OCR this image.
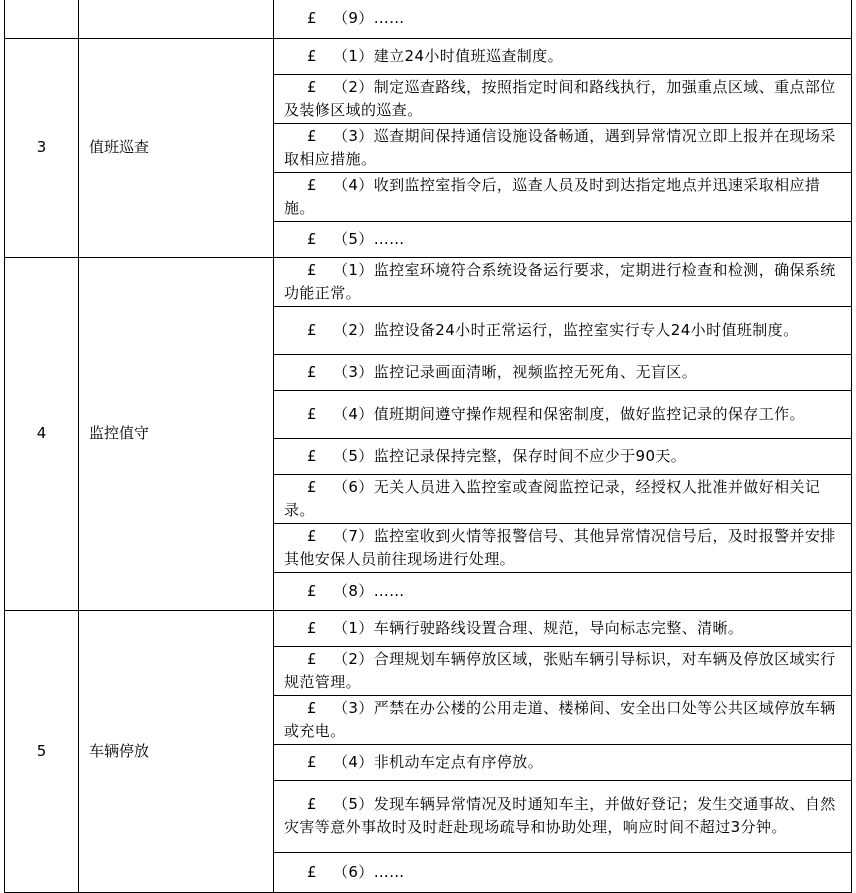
		£ （9）……
3	值班巡查	£ （1）建立24小时值班巡查制度。
		£ （2）制定巡查路线，按照指定时间和路线执行，加强重点区域、重点部位及装修区域的巡查。
		£ （3）巡查期间保持通信设施设备畅通，遇到异常情况立即上报并在现场采取相应措施。
		£ （4）收到监控室指令后，巡查人员及时到达指定地点并迅速采取相应措施。
		£ （5）……
4	监控值守	£ （1）监控室环境符合系统设备运行要求，定期进行检查和检测，确保系统功能正常。
		£ （2）监控设备24小时正常运行，监控室实行专人24小时值班制度。
		£ （3）监控记录画面清晰，视频监控无死角、无盲区。
		£ （4）值班期间遵守操作规程和保密制度，做好监控记录的保存工作。
		£ （5）监控记录保持完整，保存时间不应少于90天。
		£ （6）无关人员进入监控室或查阅监控记录，经授权人批准并做好相关记录。
		£ （7）监控室收到火情等报警信号、其他异常情况信号后，及时报警并安排其他安保人员前往现场进行处理。
		£ （8）……
5	车辆停放	£ （1）车辆行驶路线设置合理、规范，导向标志完整、清晰。
		£ （2）合理规划车辆停放区域，张贴车辆引导标识，对车辆及停放区域实行规范管理。
		£ （3）严禁在办公楼的公用走道、楼梯间、安全出口处等公共区域停放车辆或充电。
		£ （4）非机动车定点有序停放。
		£ （5）发现车辆异常情况及时通知车主，并做好登记；发生交通事故、自然灾害等意外事故时及时赶赴现场疏导和协助处理，响应时间不超过3分钟。
		£ （6）……
